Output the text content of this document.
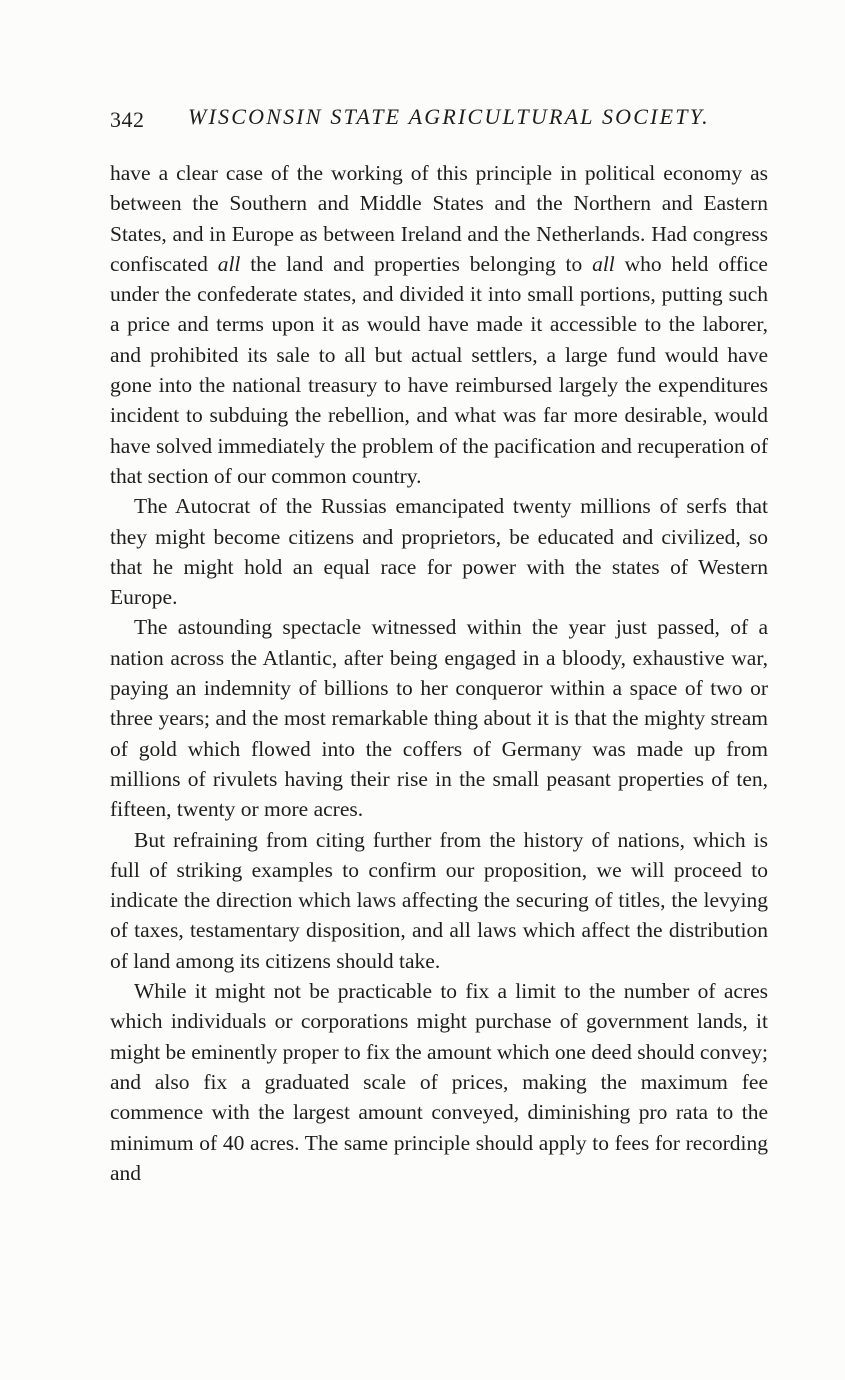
342 WISCONSIN STATE AGRICULTURAL SOCIETY.

have a clear case of the working of this principle in political economy as between the Southern and Middle States and the Northern and Eastern States, and in Europe as between Ireland and the Netherlands. Had congress confiscated all the land and properties belonging to all who held office under the confederate states, and divided it into small portions, putting such a price and terms upon it as would have made it accessible to the laborer, and prohibited its sale to all but actual settlers, a large fund would have gone into the national treasury to have reimbursed largely the expenditures incident to subduing the rebellion, and what was far more desirable, would have solved immediately the problem of the pacification and recuperation of that section of our common country.

The Autocrat of the Russias emancipated twenty millions of serfs that they might become citizens and proprietors, be educated and civilized, so that he might hold an equal race for power with the states of Western Europe.

The astounding spectacle witnessed within the year just passed, of a nation across the Atlantic, after being engaged in a bloody, exhaustive war, paying an indemnity of billions to her conqueror within a space of two or three years; and the most remarkable thing about it is that the mighty stream of gold which flowed into the coffers of Germany was made up from millions of rivulets having their rise in the small peasant properties of ten, fifteen, twenty or more acres.

But refraining from citing further from the history of nations, which is full of striking examples to confirm our proposition, we will proceed to indicate the direction which laws affecting the securing of titles, the levying of taxes, testamentary disposition, and all laws which affect the distribution of land among its citizens should take.

While it might not be practicable to fix a limit to the number of acres which individuals or corporations might purchase of government lands, it might be eminently proper to fix the amount which one deed should convey; and also fix a graduated scale of prices, making the maximum fee commence with the largest amount conveyed, diminishing pro rata to the minimum of 40 acres. The same principle should apply to fees for recording and
